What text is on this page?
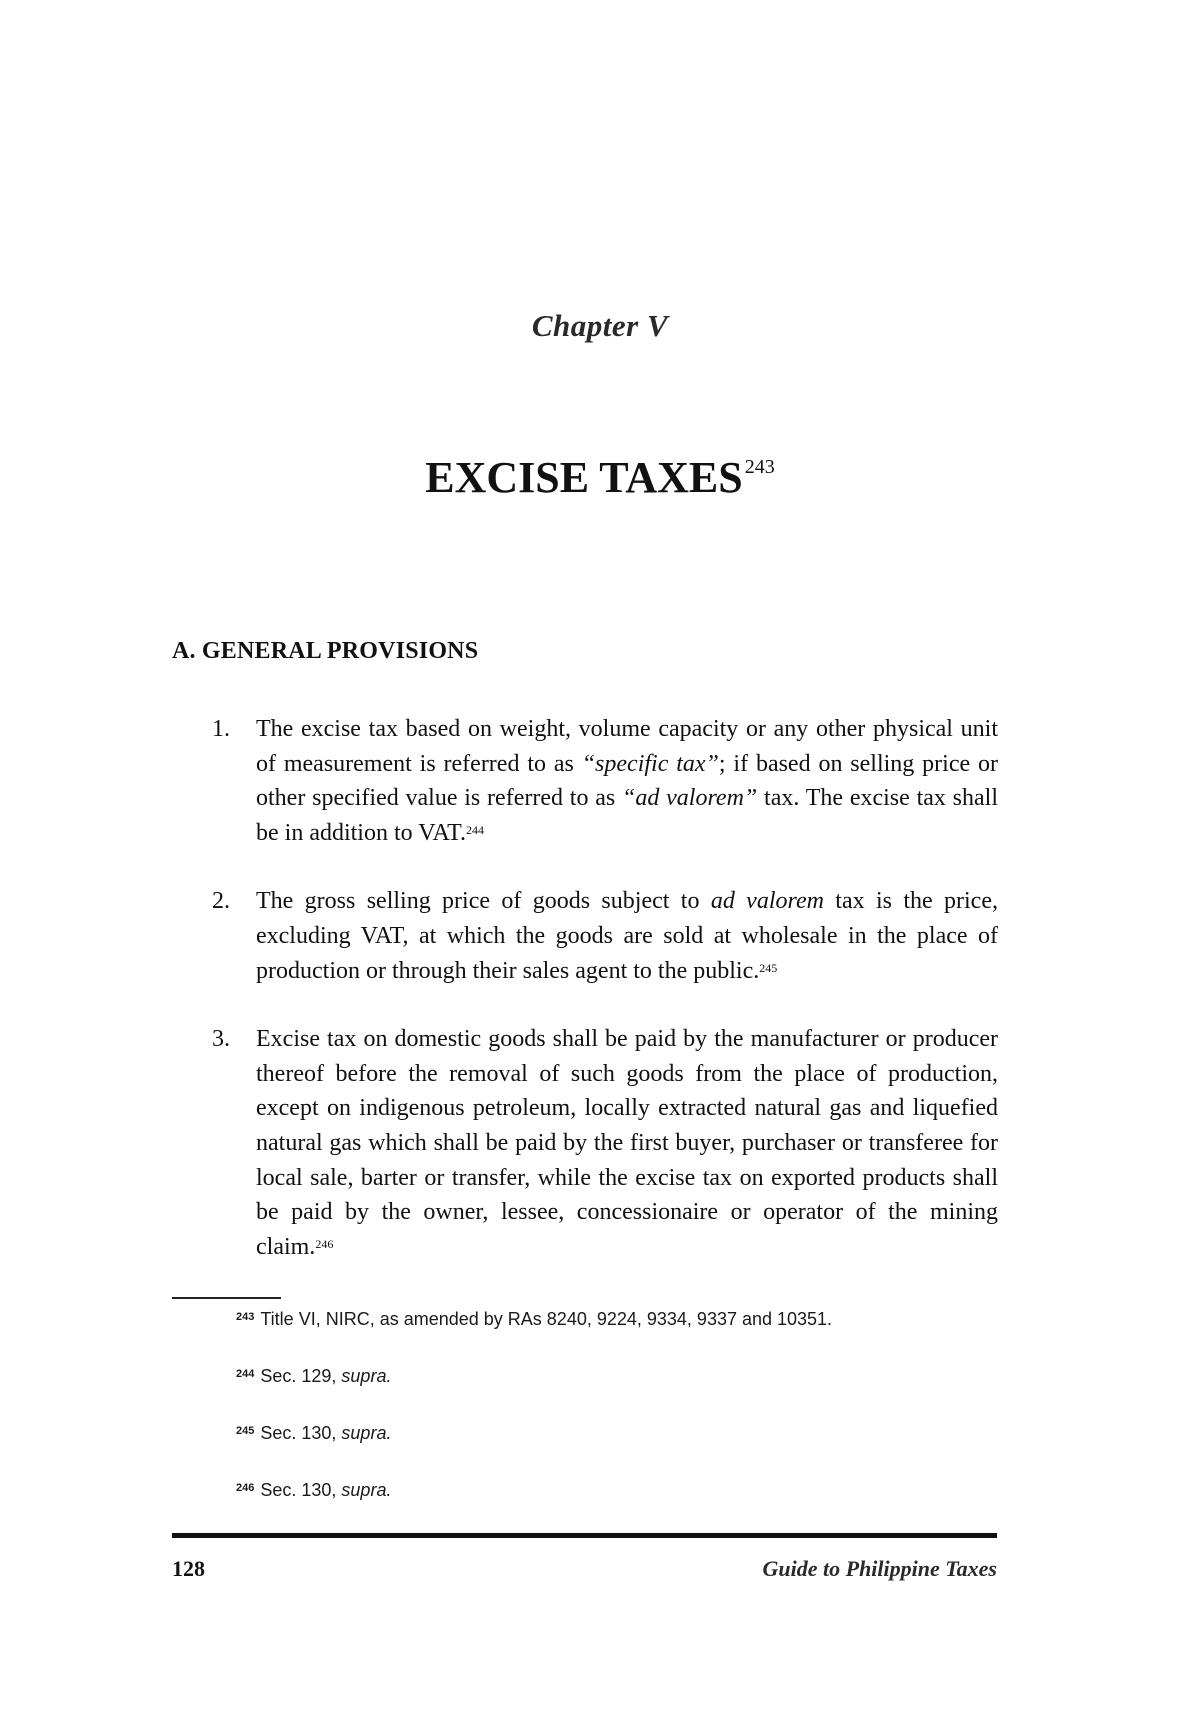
Chapter V
EXCISE TAXES $^{243}$
A. GENERAL PROVISIONS
1. The excise tax based on weight, volume capacity or any other physical unit of measurement is referred to as “specific tax”; if based on selling price or other specified value is referred to as “ad valorem” tax. The excise tax shall be in addition to VAT.$^{244}$
2. The gross selling price of goods subject to ad valorem tax is the price, excluding VAT, at which the goods are sold at wholesale in the place of production or through their sales agent to the public.$^{245}$
3. Excise tax on domestic goods shall be paid by the manufacturer or producer thereof before the removal of such goods from the place of production, except on indigenous petroleum, locally extracted natural gas and liquefied natural gas which shall be paid by the first buyer, purchaser or transferee for local sale, barter or transfer, while the excise tax on exported products shall be paid by the owner, lessee, concessionaire or operator of the mining claim.$^{246}$
$^{243}$ Title VI, NIRC, as amended by RAs 8240, 9224, 9334, 9337 and 10351.
$^{244}$ Sec. 129, supra.
$^{245}$ Sec. 130, supra.
$^{246}$ Sec. 130, supra.
128	Guide to Philippine Taxes
